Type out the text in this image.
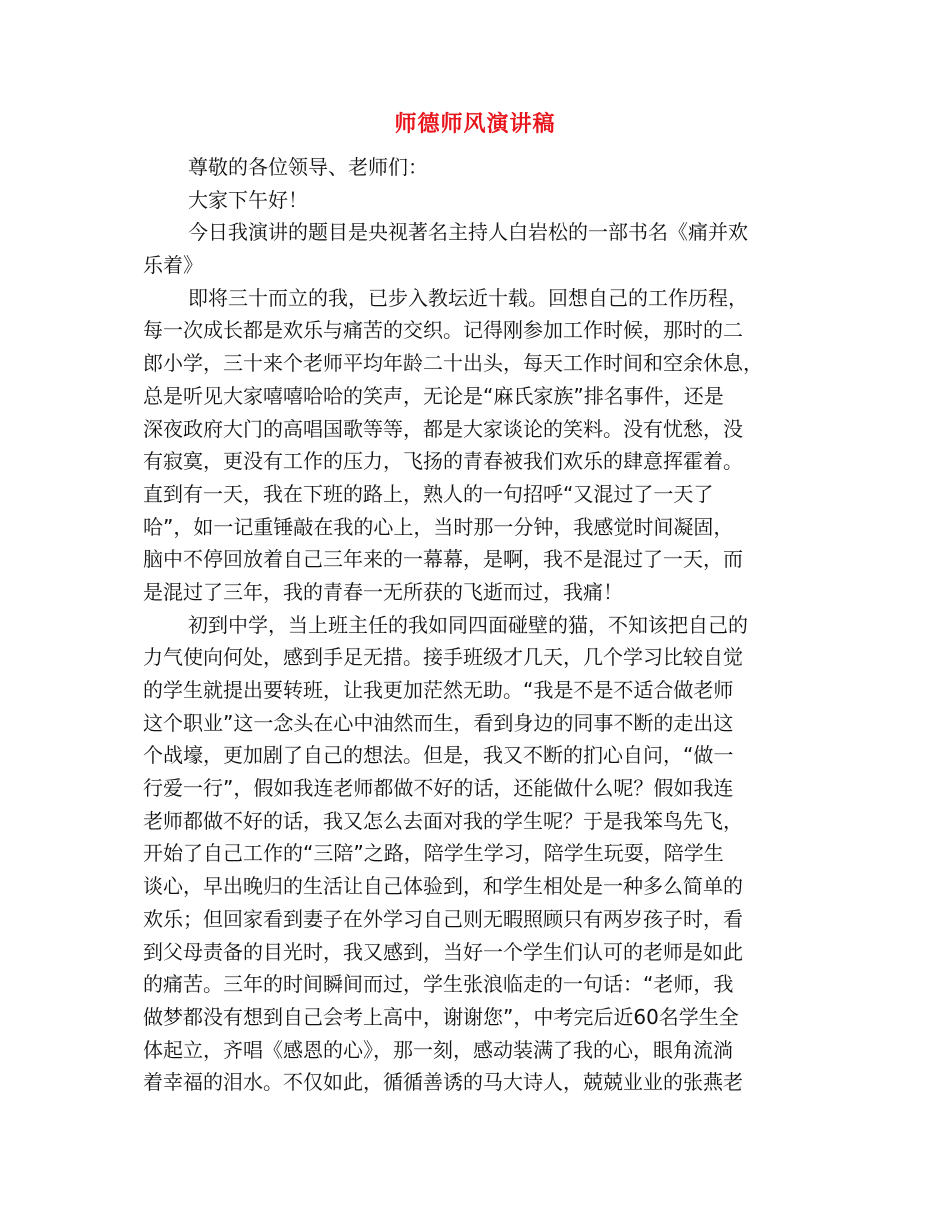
师德师风演讲稿
尊敬的各位领导、老师们：
大家下午好！
今日我演讲的题目是央视著名主持人白岩松的一部书名《痛并欢
乐着》
即将三十而立的我，已步入教坛近十载。回想自己的工作历程，
每一次成长都是欢乐与痛苦的交织。记得刚参加工作时候，那时的二
郎小学，三十来个老师平均年龄二十出头，每天工作时间和空余休息，
总是听见大家嘻嘻哈哈的笑声，无论是“麻氏家族”排名事件，还是
深夜政府大门的高唱国歌等等，都是大家谈论的笑料。没有忧愁，没
有寂寞，更没有工作的压力，飞扬的青春被我们欢乐的肆意挥霍着。
直到有一天，我在下班的路上，熟人的一句招呼“又混过了一天了
哈”，如一记重锤敲在我的心上，当时那一分钟，我感觉时间凝固，
脑中不停回放着自己三年来的一幕幕，是啊，我不是混过了一天，而
是混过了三年，我的青春一无所获的飞逝而过，我痛！
初到中学，当上班主任的我如同四面碰壁的猫，不知该把自己的
力气使向何处，感到手足无措。接手班级才几天，几个学习比较自觉
的学生就提出要转班，让我更加茫然无助。“我是不是不适合做老师
这个职业”这一念头在心中油然而生，看到身边的同事不断的走出这
个战壕，更加剧了自己的想法。但是，我又不断的扪心自问，“做一
行爱一行”，假如我连老师都做不好的话，还能做什么呢？假如我连
老师都做不好的话，我又怎么去面对我的学生呢？于是我笨鸟先飞，
开始了自己工作的“三陪”之路，陪学生学习，陪学生玩耍，陪学生
谈心，早出晚归的生活让自己体验到，和学生相处是一种多么简单的
欢乐；但回家看到妻子在外学习自己则无暇照顾只有两岁孩子时，看
到父母责备的目光时，我又感到，当好一个学生们认可的老师是如此
的痛苦。三年的时间瞬间而过，学生张浪临走的一句话：“老师，我
做梦都没有想到自己会考上高中，谢谢您”，中考完后近60名学生全
体起立，齐唱《感恩的心》，那一刻，感动装满了我的心，眼角流淌
着幸福的泪水。不仅如此，循循善诱的马大诗人，兢兢业业的张燕老
